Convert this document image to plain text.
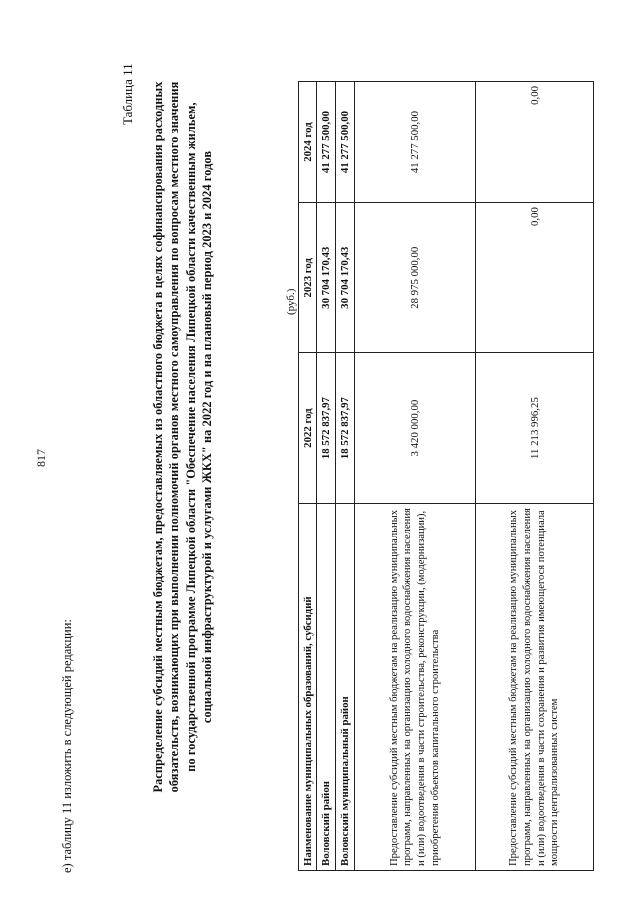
817
е) таблицу 11 изложить в следующей редакции:
Таблица 11 Распределение субсидий местным бюджетам, предоставляемых из областного бюджета в целях софинансирования расходных обязательств, возникающих при выполнении полномочий органов местного самоуправления по вопросам местного значения по государственной программе Липецкой области "Обеспечение населения Липецкой области качественным жильем, социальной инфраструктурой и услугами ЖКХ" на 2022 год и на плановый период 2023 и 2024 годов	(руб.)
Наименование муниципальных образований, субсидий	2022 год	2023 год	2024 год
Воловский район	18 572 837,97	30 704 170,43	41 277 500,00
Воловский муниципальный район	18 572 837,97	30 704 170,43	41 277 500,00
Предоставление субсидий местным бюджетам на реализацию муниципальных программ, направленных на организацию холодного водоснабжения населения и (или) водоотведения в части строительства, реконструкции, (модернизации), приобретения объектов капитального строительства	3 420 000,00	28 975 000,00	41 277 500,00
Предоставление субсидий местным бюджетам на реализацию муниципальных программ, направленных на организацию холодного водоснабжения населения и (или) водоотведения в части сохранения и развития имеющегося потенциала мощности централизованных систем	11 213 996,25	0,00	0,00
